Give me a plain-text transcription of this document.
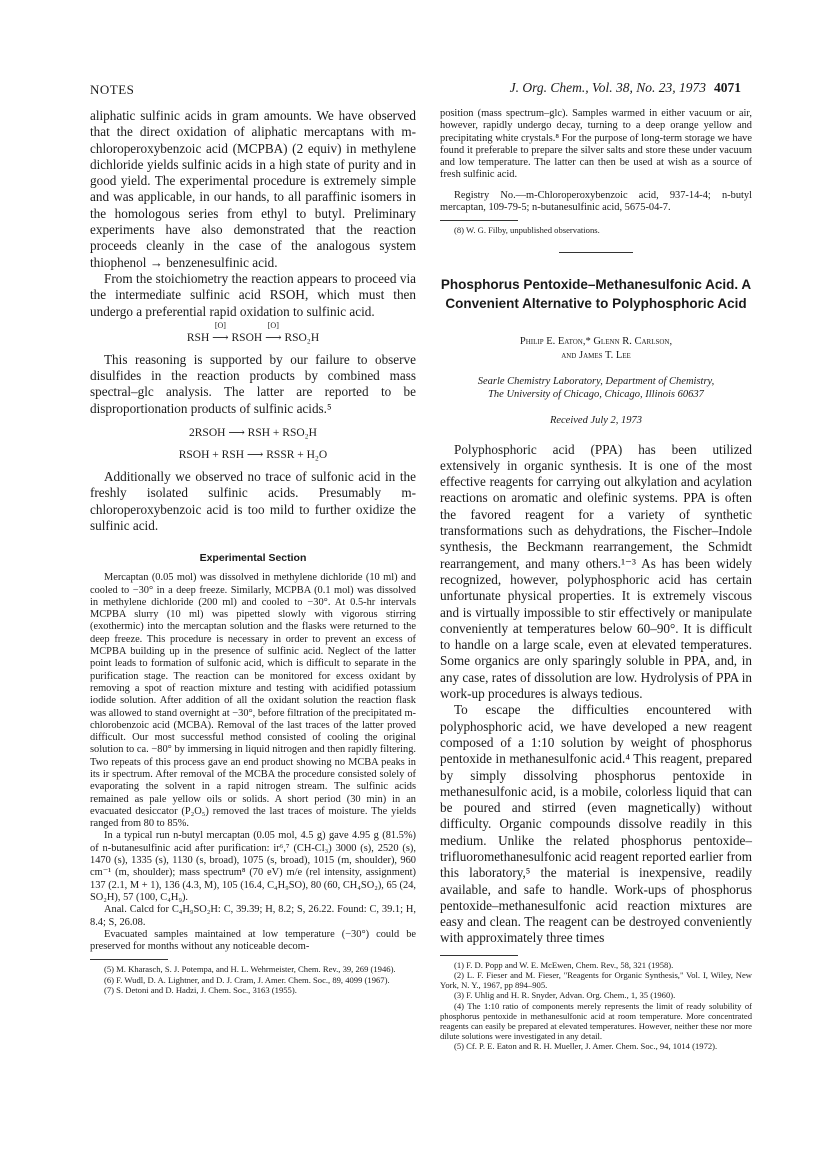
NOTES	J. Org. Chem., Vol. 38, No. 23, 1973 4071

aliphatic sulfinic acids in gram amounts. We have observed that the direct oxidation of aliphatic mercaptans with m-chloroperoxybenzoic acid (MCPBA) (2 equiv) in methylene dichloride yields sulfinic acids in a high state of purity and in good yield. The experimental procedure is extremely simple and was applicable, in our hands, to all paraffinic isomers in the homologous series from ethyl to butyl. Preliminary experiments have also demonstrated that the reaction proceeds cleanly in the case of the analogous system thiophenol → benzenesulfinic acid.

From the stoichiometry the reaction appears to proceed via the intermediate sulfinic acid RSOH, which must then undergo a preferential rapid oxidation to sulfinic acid.

RSH
[O]
⟶ RSOH
[O]
⟶ RSO₂H

This reasoning is supported by our failure to observe disulfides in the reaction products by combined mass spectral–glc analysis. The latter are reported to be disproportionation products of sulfinic acids.⁵

2RSOH ⟶ RSH + RSO₂H
RSOH + RSH ⟶ RSSR + H₂O

Additionally we observed no trace of sulfonic acid in the freshly isolated sulfinic acids. Presumably m-chloroperoxybenzoic acid is too mild to further oxidize the sulfinic acid.

Experimental Section

Mercaptan (0.05 mol) was dissolved in methylene dichloride (10 ml) and cooled to −30° in a deep freeze. Similarly, MCPBA (0.1 mol) was dissolved in methylene dichloride (200 ml) and cooled to −30°. At 0.5-hr intervals MCPBA slurry (10 ml) was pipetted slowly with vigorous stirring (exothermic) into the mercaptan solution and the flasks were returned to the deep freeze. This procedure is necessary in order to prevent an excess of MCPBA building up in the presence of sulfinic acid. Neglect of the latter point leads to formation of sulfonic acid, which is difficult to separate in the purification stage. The reaction can be monitored for excess oxidant by removing a spot of reaction mixture and testing with acidified potassium iodide solution. After addition of all the oxidant solution the reaction flask was allowed to stand overnight at −30°, before filtration of the precipitated m-chlorobenzoic acid (MCBA). Removal of the last traces of the latter proved difficult. Our most successful method consisted of cooling the original solution to ca. −80° by immersing in liquid nitrogen and then rapidly filtering. Two repeats of this process gave an end product showing no MCBA peaks in its ir spectrum. After removal of the MCBA the procedure consisted solely of evaporating the solvent in a rapid nitrogen stream. The sulfinic acids remained as pale yellow oils or solids. A short period (30 min) in an evacuated desiccator (P₂O₅) removed the last traces of moisture. The yields ranged from 80 to 85%.

In a typical run n-butyl mercaptan (0.05 mol, 4.5 g) gave 4.95 g (81.5%) of n-butanesulfinic acid after purification: ir⁶,⁷ (CH-Cl₃) 3000 (s), 2520 (s), 1470 (s), 1335 (s), 1130 (s, broad), 1075 (s, broad), 1015 (m, shoulder), 960 cm⁻¹ (m, shoulder); mass spectrum⁸ (70 eV) m/e (rel intensity, assignment) 137 (2.1, M + 1), 136 (4.3, M), 105 (16.4, C₄H₉SO), 80 (60, CH₄SO₂), 65 (24, SO₂H), 57 (100, C₄H₉).

Anal. Calcd for C₄H₉SO₂H: C, 39.39; H, 8.2; S, 26.22. Found: C, 39.1; H, 8.4; S, 26.08.

Evacuated samples maintained at low temperature (−30°) could be preserved for months without any noticeable decom-

(5) M. Kharasch, S. J. Potempa, and H. L. Wehrmeister, Chem. Rev., 39, 269 (1946).

(6) F. Wudl, D. A. Lightner, and D. J. Cram, J. Amer. Chem. Soc., 89, 4099 (1967).

(7) S. Detoni and D. Hadzi, J. Chem. Soc., 3163 (1955).

position (mass spectrum–glc). Samples warmed in either vacuum or air, however, rapidly undergo decay, turning to a deep orange yellow and precipitating white crystals.⁸ For the purpose of long-term storage we have found it preferable to prepare the silver salts and store these under vacuum and low temperature. The latter can then be used at wish as a source of fresh sulfinic acid.

Registry No.—m-Chloroperoxybenzoic acid, 937-14-4; n-butyl mercaptan, 109-79-5; n-butanesulfinic acid, 5675-04-7.

(8) W. G. Filby, unpublished observations.

Phosphorus Pentoxide–Methanesulfonic Acid. A Convenient Alternative to Polyphosphoric Acid
Philip E. Eaton,* Glenn R. Carlson,
and James T. Lee
Searle Chemistry Laboratory, Department of Chemistry,
The University of Chicago, Chicago, Illinois 60637
Received July 2, 1973

Polyphosphoric acid (PPA) has been utilized extensively in organic synthesis. It is one of the most effective reagents for carrying out alkylation and acylation reactions on aromatic and olefinic systems. PPA is often the favored reagent for a variety of synthetic transformations such as dehydrations, the Fischer–Indole synthesis, the Beckmann rearrangement, the Schmidt rearrangement, and many others.¹⁻³ As has been widely recognized, however, polyphosphoric acid has certain unfortunate physical properties. It is extremely viscous and is virtually impossible to stir effectively or manipulate conveniently at temperatures below 60–90°. It is difficult to handle on a large scale, even at elevated temperatures. Some organics are only sparingly soluble in PPA, and, in any case, rates of dissolution are low. Hydrolysis of PPA in work-up procedures is always tedious.

To escape the difficulties encountered with polyphosphoric acid, we have developed a new reagent composed of a 1:10 solution by weight of phosphorus pentoxide in methanesulfonic acid.⁴ This reagent, prepared by simply dissolving phosphorus pentoxide in methanesulfonic acid, is a mobile, colorless liquid that can be poured and stirred (even magnetically) without difficulty. Organic compounds dissolve readily in this medium. Unlike the related phosphorus pentoxide–trifluoromethanesulfonic acid reagent reported earlier from this laboratory,⁵ the material is inexpensive, readily available, and safe to handle. Work-ups of phosphorus pentoxide–methanesulfonic acid reaction mixtures are easy and clean. The reagent can be destroyed conveniently with approximately three times

(1) F. D. Popp and W. E. McEwen, Chem. Rev., 58, 321 (1958).

(2) L. F. Fieser and M. Fieser, "Reagents for Organic Synthesis," Vol. I, Wiley, New York, N. Y., 1967, pp 894–905.

(3) F. Uhlig and H. R. Snyder, Advan. Org. Chem., 1, 35 (1960).

(4) The 1:10 ratio of components merely represents the limit of ready solubility of phosphorus pentoxide in methanesulfonic acid at room temperature. More concentrated reagents can easily be prepared at elevated temperatures. However, neither these nor more dilute solutions were investigated in any detail.

(5) Cf. P. E. Eaton and R. H. Mueller, J. Amer. Chem. Soc., 94, 1014 (1972).
